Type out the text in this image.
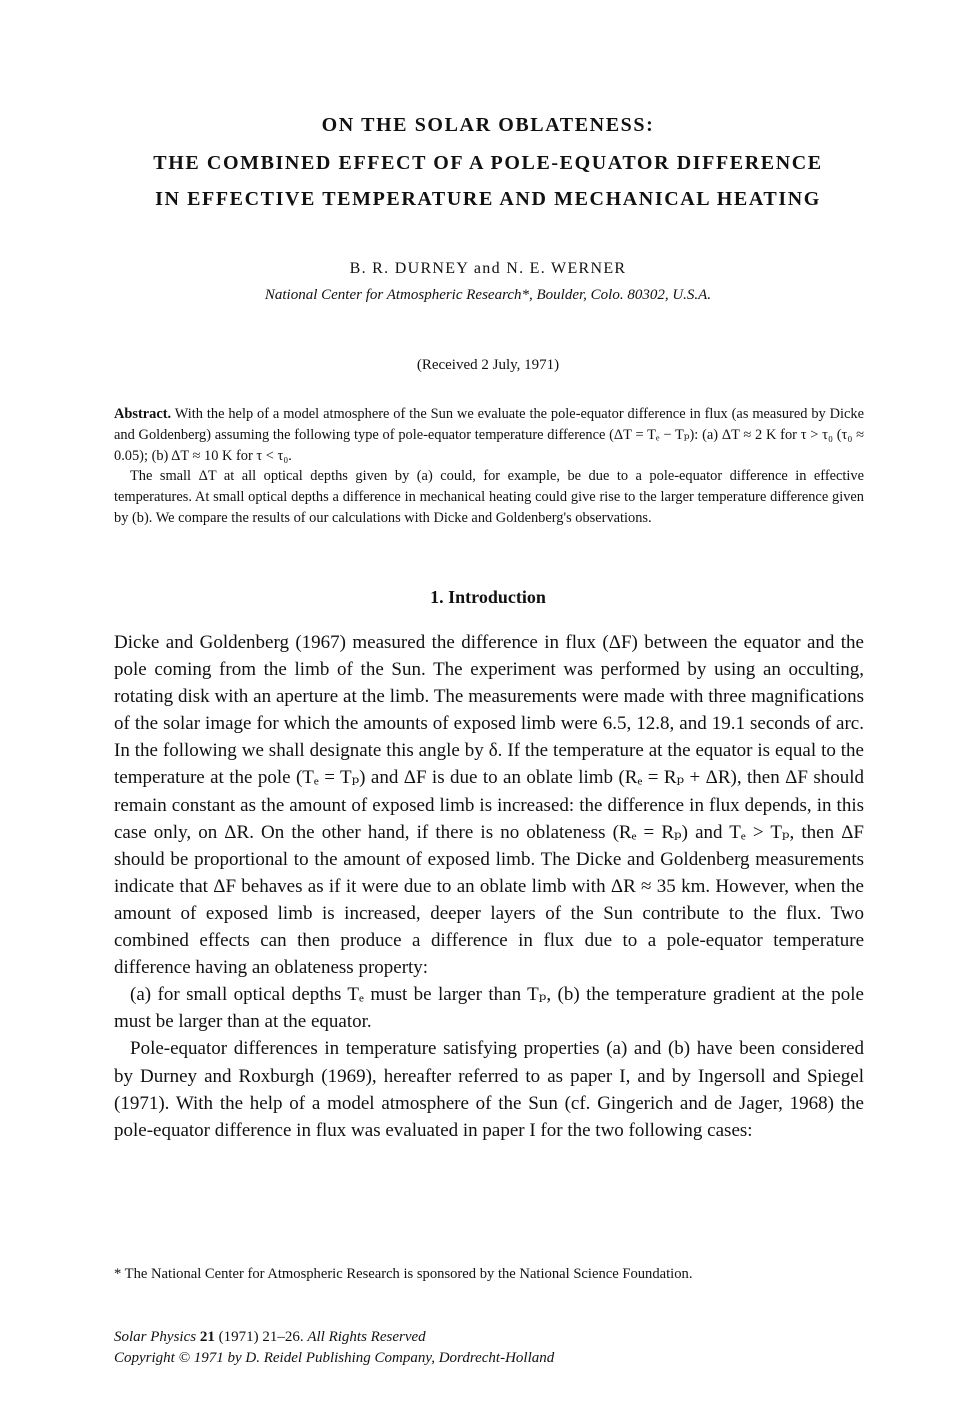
ON THE SOLAR OBLATENESS:
THE COMBINED EFFECT OF A POLE-EQUATOR DIFFERENCE
IN EFFECTIVE TEMPERATURE AND MECHANICAL HEATING
B. R. DURNEY and N. E. WERNER
National Center for Atmospheric Research*, Boulder, Colo. 80302, U.S.A.
(Received 2 July, 1971)

Abstract. With the help of a model atmosphere of the Sun we evaluate the pole-equator difference in flux (as measured by Dicke and Goldenberg) assuming the following type of pole-equator temperature difference (ΔT = Tₑ − Tₚ): (a) ΔT ≈ 2 K for τ > τ₀ (τ₀ ≈ 0.05); (b) ΔT ≈ 10 K for τ < τ₀.

The small ΔT at all optical depths given by (a) could, for example, be due to a pole-equator difference in effective temperatures. At small optical depths a difference in mechanical heating could give rise to the larger temperature difference given by (b). We compare the results of our calculations with Dicke and Goldenberg's observations.

1. Introduction

Dicke and Goldenberg (1967) measured the difference in flux (ΔF) between the equator and the pole coming from the limb of the Sun. The experiment was performed by using an occulting, rotating disk with an aperture at the limb. The measurements were made with three magnifications of the solar image for which the amounts of exposed limb were 6.5, 12.8, and 19.1 seconds of arc. In the following we shall designate this angle by δ. If the temperature at the equator is equal to the temperature at the pole (Tₑ = Tₚ) and ΔF is due to an oblate limb (Rₑ = Rₚ + ΔR), then ΔF should remain constant as the amount of exposed limb is increased: the difference in flux depends, in this case only, on ΔR. On the other hand, if there is no oblateness (Rₑ = Rₚ) and Tₑ > Tₚ, then ΔF should be proportional to the amount of exposed limb. The Dicke and Goldenberg measurements indicate that ΔF behaves as if it were due to an oblate limb with ΔR ≈ 35 km. However, when the amount of exposed limb is increased, deeper layers of the Sun contribute to the flux. Two combined effects can then produce a difference in flux due to a pole-equator temperature difference having an oblateness property:

(a) for small optical depths Tₑ must be larger than Tₚ, (b) the temperature gradient at the pole must be larger than at the equator.

Pole-equator differences in temperature satisfying properties (a) and (b) have been considered by Durney and Roxburgh (1969), hereafter referred to as paper I, and by Ingersoll and Spiegel (1971). With the help of a model atmosphere of the Sun (cf. Gingerich and de Jager, 1968) the pole-equator difference in flux was evaluated in paper I for the two following cases:

* The National Center for Atmospheric Research is sponsored by the National Science Foundation.
Solar Physics 21 (1971) 21–26. All Rights Reserved
Copyright © 1971 by D. Reidel Publishing Company, Dordrecht-Holland
